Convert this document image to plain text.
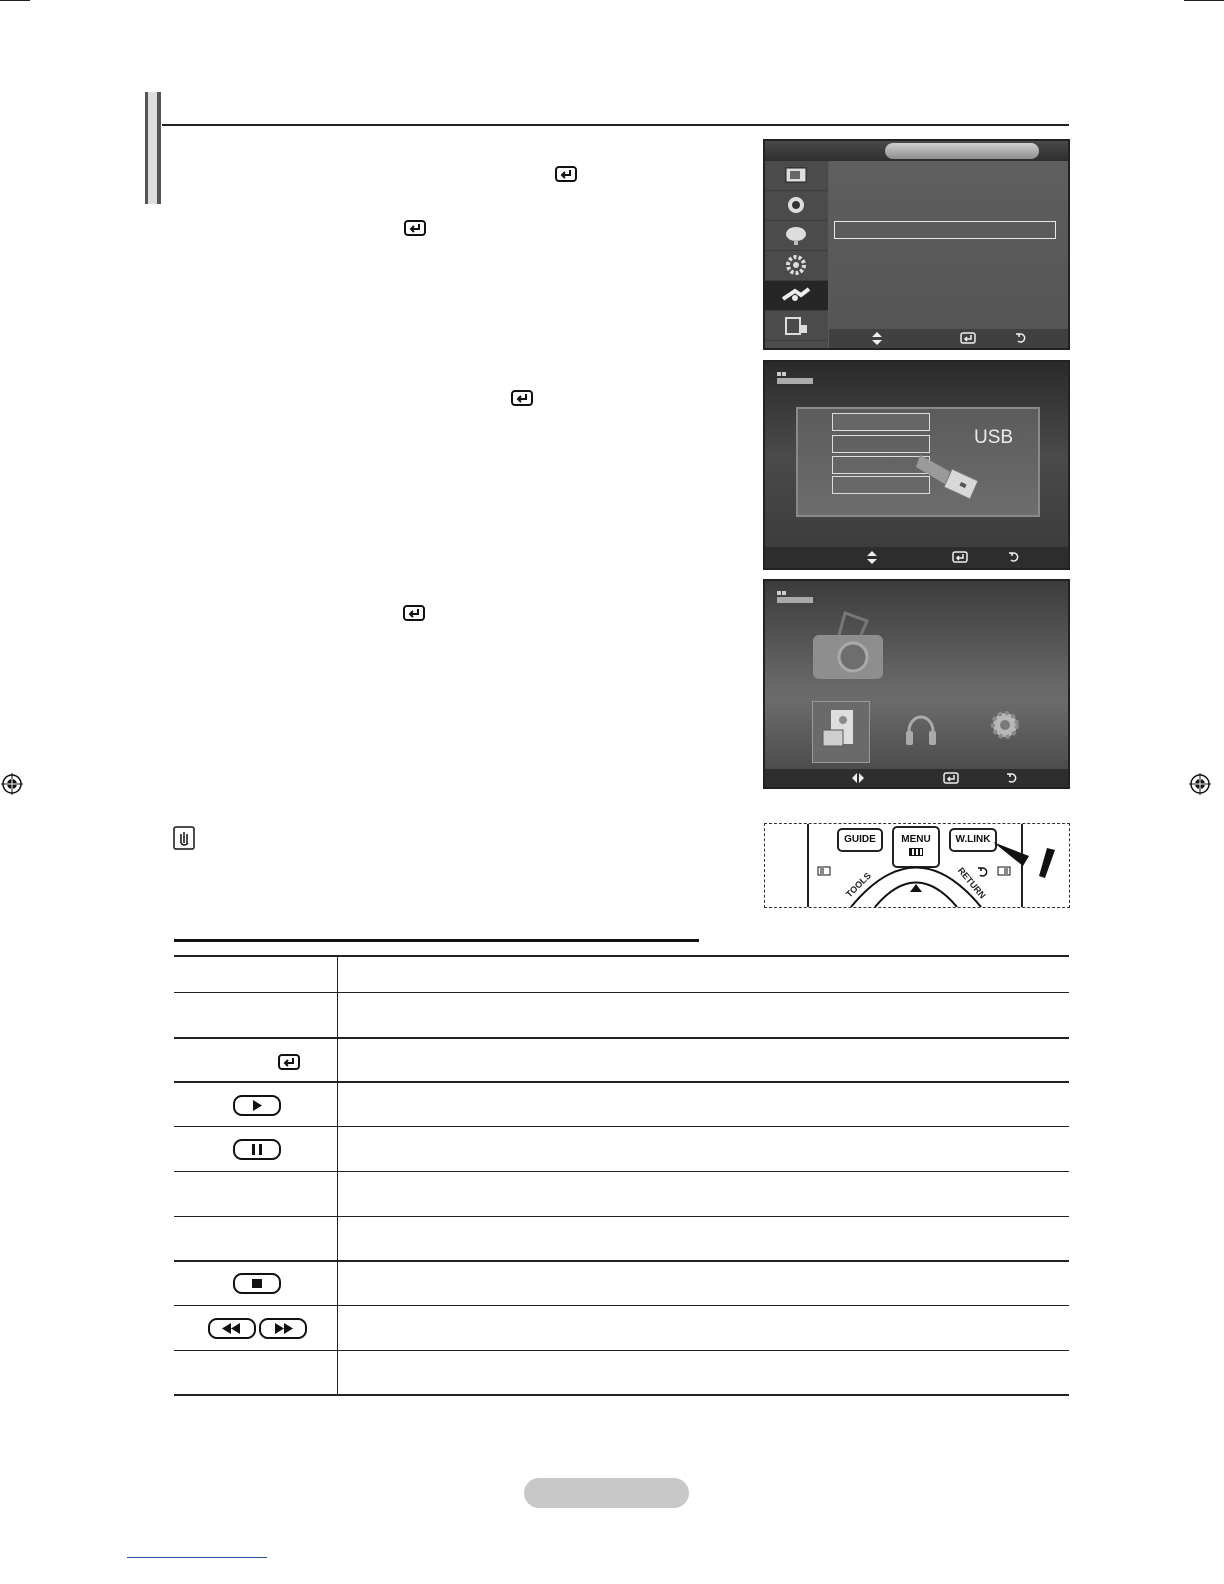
USB
GUIDE	MENU	W.LINK
TOOLS	RETURN
